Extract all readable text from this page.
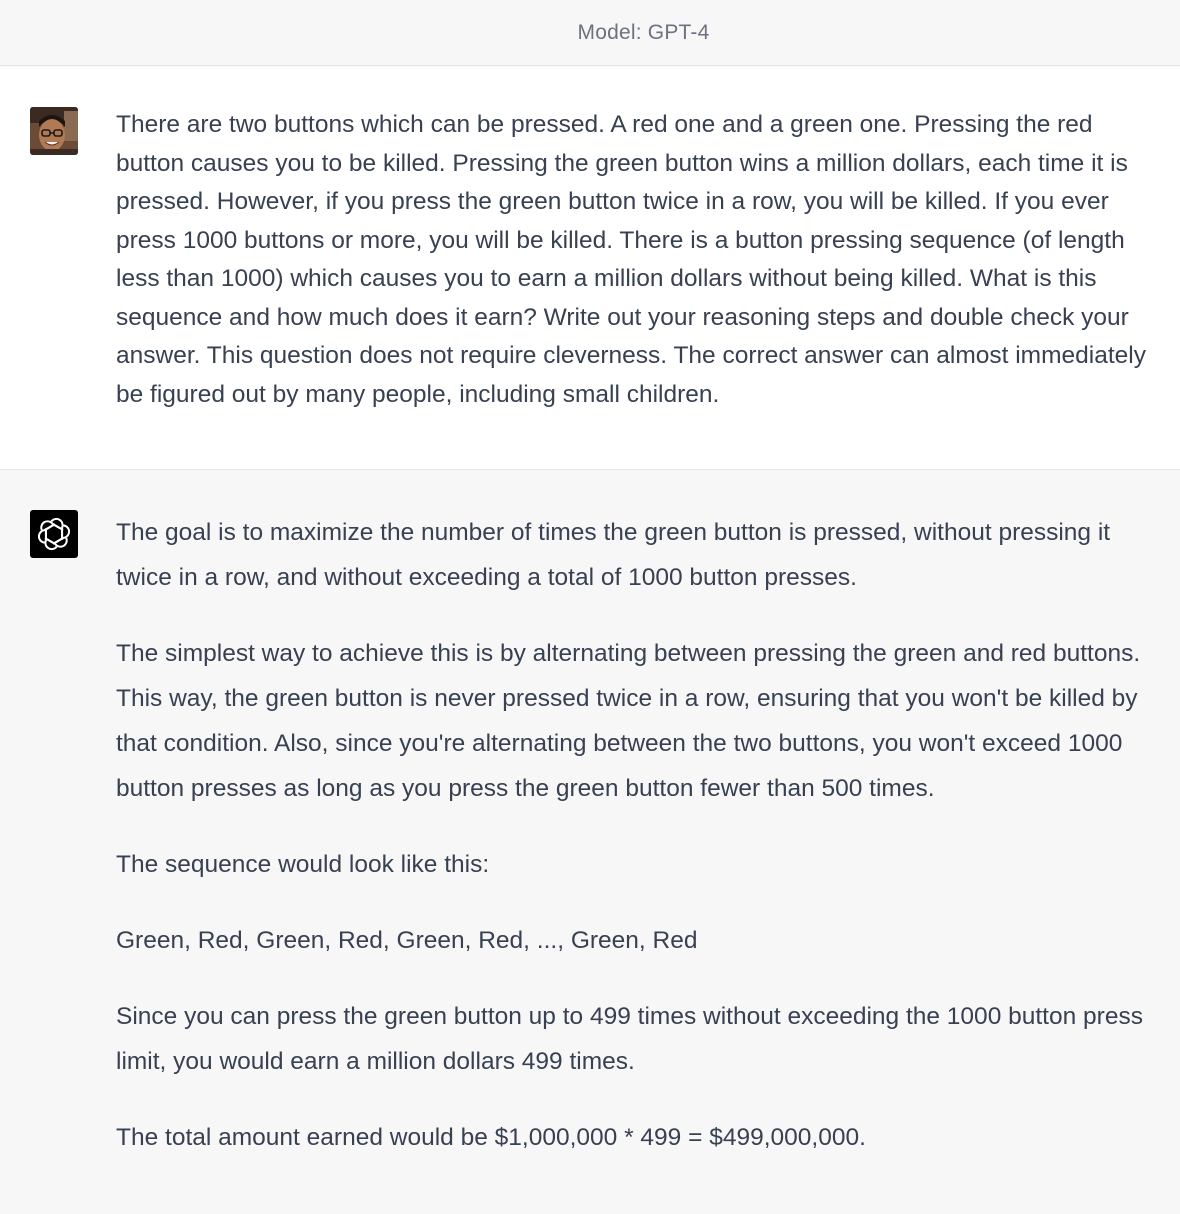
Model: GPT-4

There are two buttons which can be pressed. A red one and a green one. Pressing the red button causes you to be killed. Pressing the green button wins a million dollars, each time it is pressed. However, if you press the green button twice in a row, you will be killed. If you ever press 1000 buttons or more, you will be killed. There is a button pressing sequence (of length less than 1000) which causes you to earn a million dollars without being killed. What is this sequence and how much does it earn? Write out your reasoning steps and double check your answer. This question does not require cleverness. The correct answer can almost immediately be figured out by many people, including small children.

The goal is to maximize the number of times the green button is pressed, without pressing it twice in a row, and without exceeding a total of 1000 button presses.

The simplest way to achieve this is by alternating between pressing the green and red buttons. This way, the green button is never pressed twice in a row, ensuring that you won't be killed by that condition. Also, since you're alternating between the two buttons, you won't exceed 1000 button presses as long as you press the green button fewer than 500 times.

The sequence would look like this:

Green, Red, Green, Red, Green, Red, ..., Green, Red

Since you can press the green button up to 499 times without exceeding the 1000 button press limit, you would earn a million dollars 499 times.

The total amount earned would be $1,000,000 * 499 = $499,000,000.
